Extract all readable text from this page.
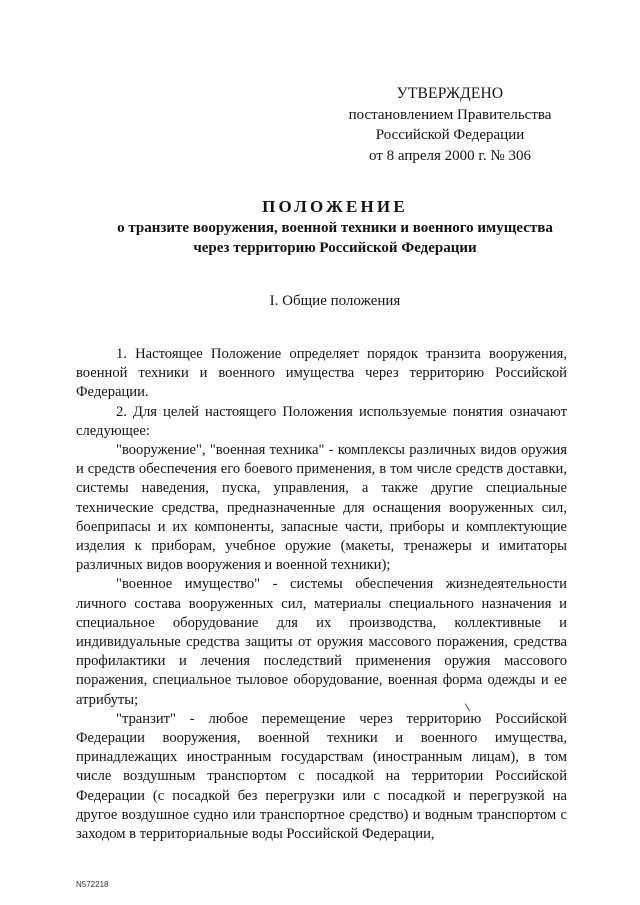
УТВЕРЖДЕНО
постановлением Правительства
Российской Федерации
от 8 апреля 2000 г. № 306
ПОЛОЖЕНИЕ
о транзите вооружения, военной техники и военного имущества
через территорию Российской Федерации
I. Общие положения

1. Настоящее Положение определяет порядок транзита вооружения, военной техники и военного имущества через территорию Российской Федерации.

2. Для целей настоящего Положения используемые понятия означают следующее:

"вооружение", "военная техника" - комплексы различных видов оружия и средств обеспечения его боевого применения, в том числе средств доставки, системы наведения, пуска, управления, а также другие специальные технические средства, предназначенные для оснащения вооруженных сил, боеприпасы и их компоненты, запасные части, приборы и комплектующие изделия к приборам, учебное оружие (макеты, тренажеры и имитаторы различных видов вооружения и военной техники);

"военное имущество" - системы обеспечения жизнедеятельности личного состава вооруженных сил, материалы специального назначения и специальное оборудование для их производства, коллективные и индивидуальные средства защиты от оружия массового поражения, средства профилактики и лечения последствий применения оружия массового поражения, специальное тыловое оборудование, военная форма одежды и ее атрибуты;

"транзит" - любое перемещение через территорию Российской Федерации вооружения, военной техники и военного имущества, принадлежащих иностранным государствам (иностранным лицам), в том числе воздушным транспортом с посадкой на территории Российской Федерации (с посадкой без перегрузки или с посадкой и перегрузкой на другое воздушное судно или транспортное средство) и водным транспортом с заходом в территориальные воды Российской Федерации,

N572218
